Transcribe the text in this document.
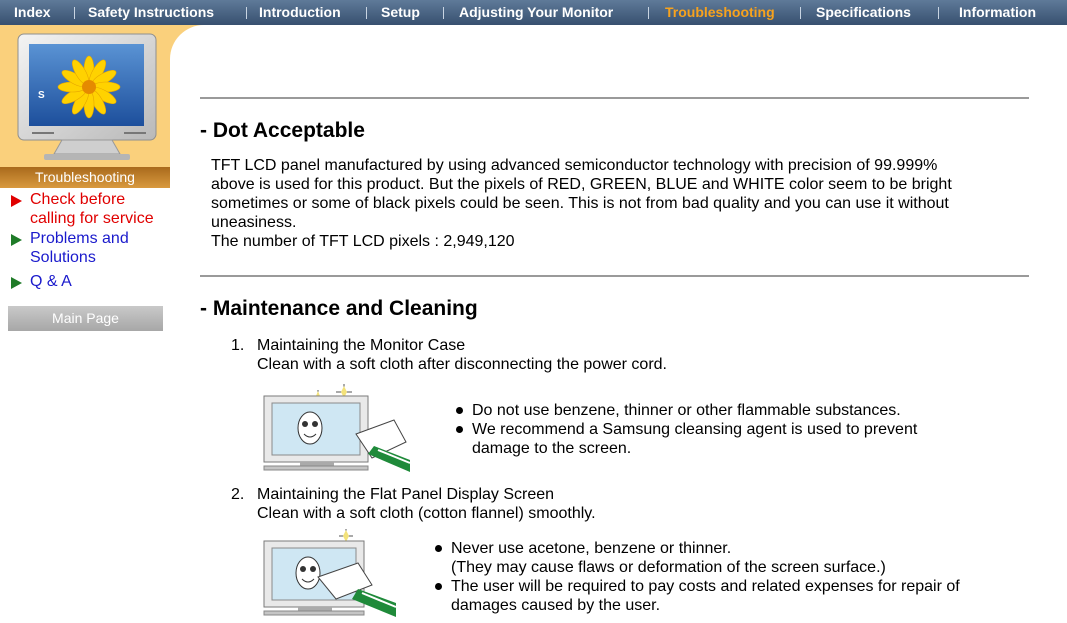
Index	Safety Instructions	Introduction	Setup	Adjusting Your Monitor	Troubleshooting	Specifications	Information
S
Troubleshooting
Check before
calling for service
Problems and
Solutions
Q & A
Main Page
- Dot Acceptable
TFT LCD panel manufactured by using advanced semiconductor technology with precision of 99.999%
above is used for this product. But the pixels of RED, GREEN, BLUE and WHITE color seem to be bright
sometimes or some of black pixels could be seen. This is not from bad quality and you can use it without
uneasiness.
The number of TFT LCD pixels : 2,949,120
- Maintenance and Cleaning
1. Maintaining the Monitor Case
Clean with a soft cloth after disconnecting the power cord.
Do not use benzene, thinner or other flammable substances.
We recommend a Samsung cleansing agent is used to prevent
damage to the screen.
2. Maintaining the Flat Panel Display Screen
Clean with a soft cloth (cotton flannel) smoothly.
Never use acetone, benzene or thinner.
(They may cause flaws or deformation of the screen surface.)
The user will be required to pay costs and related expenses for repair of
damages caused by the user.
